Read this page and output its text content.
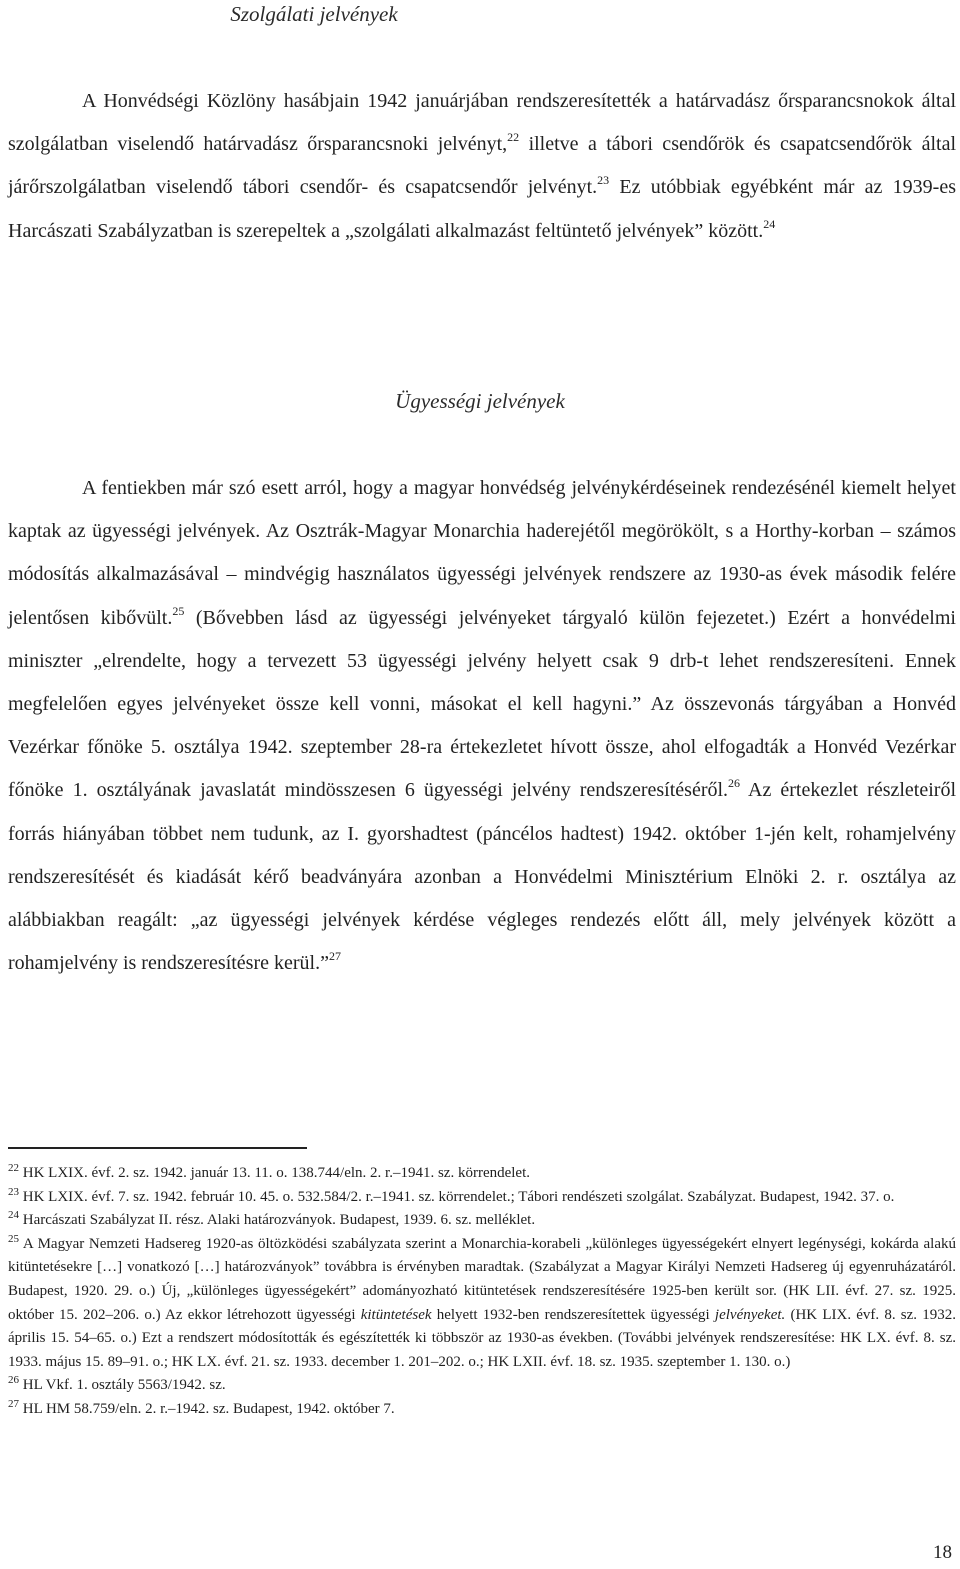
Szolgálati jelvények

A Honvédségi Közlöny hasábjain 1942 januárjában rendszeresítették a határvadász őrsparancsnokok által szolgálatban viselendő határvadász őrsparancsnoki jelvényt,$^{22}$ illetve a tábori csendőrök és csapatcsendőrök által járőrszolgálatban viselendő tábori csendőr- és csapatcsendőr jelvényt.$^{23}$ Ez utóbbiak egyébként már az 1939-es Harcászati Szabályzatban is szerepeltek a „szolgálati alkalmazást feltüntető jelvények” között.$^{24}$

Ügyességi jelvények

A fentiekben már szó esett arról, hogy a magyar honvédség jelvénykérdéseinek rendezésénél kiemelt helyet kaptak az ügyességi jelvények. Az Osztrák-Magyar Monarchia haderejétől megörökölt, s a Horthy-korban – számos módosítás alkalmazásával – mindvégig használatos ügyességi jelvények rendszere az 1930-as évek második felére jelentősen kibővült.$^{25}$ (Bővebben lásd az ügyességi jelvényeket tárgyaló külön fejezetet.) Ezért a honvédelmi miniszter „elrendelte, hogy a tervezett 53 ügyességi jelvény helyett csak 9 drb-t lehet rendszeresíteni. Ennek megfelelően egyes jelvényeket össze kell vonni, másokat el kell hagyni.” Az összevonás tárgyában a Honvéd Vezérkar főnöke 5. osztálya 1942. szeptember 28-ra értekezletet hívott össze, ahol elfogadták a Honvéd Vezérkar főnöke 1. osztályának javaslatát mindösszesen 6 ügyességi jelvény rendszeresítéséről.$^{26}$ Az értekezlet részleteiről forrás hiányában többet nem tudunk, az I. gyorshadtest (páncélos hadtest) 1942. október 1-jén kelt, rohamjelvény rendszeresítését és kiadását kérő beadványára azonban a Honvédelmi Minisztérium Elnöki 2. r. osztálya az alábbiakban reagált: „az ügyességi jelvények kérdése végleges rendezés előtt áll, mely jelvények között a rohamjelvény is rendszeresítésre kerül.”$^{27}$

$^{22}$ HK LXIX. évf. 2. sz. 1942. január 13. 11. o. 138.744/eln. 2. r.–1941. sz. körrendelet.

$^{23}$ HK LXIX. évf. 7. sz. 1942. február 10. 45. o. 532.584/2. r.–1941. sz. körrendelet.; Tábori rendészeti szolgálat. Szabályzat. Budapest, 1942. 37. o.

$^{24}$ Harcászati Szabályzat II. rész. Alaki határozványok. Budapest, 1939. 6. sz. melléklet.

$^{25}$ A Magyar Nemzeti Hadsereg 1920-as öltözködési szabályzata szerint a Monarchia-korabeli „különleges ügyességekért elnyert legénységi, kokárda alakú kitüntetésekre […] vonatkozó […] határozványok” továbbra is érvényben maradtak. (Szabályzat a Magyar Királyi Nemzeti Hadsereg új egyenruházatáról. Budapest, 1920. 29. o.) Új, „különleges ügyességekért” adományozható kitüntetések rendszeresítésére 1925-ben került sor. (HK LII. évf. 27. sz. 1925. október 15. 202–206. o.) Az ekkor létrehozott ügyességi kitüntetések helyett 1932-ben rendszeresítettek ügyességi jelvényeket. (HK LIX. évf. 8. sz. 1932. április 15. 54–65. o.) Ezt a rendszert módosították és egészítették ki többször az 1930-as években. (További jelvények rendszeresítése: HK LX. évf. 8. sz. 1933. május 15. 89–91. o.; HK LX. évf. 21. sz. 1933. december 1. 201–202. o.; HK LXII. évf. 18. sz. 1935. szeptember 1. 130. o.)

$^{26}$ HL Vkf. 1. osztály 5563/1942. sz.

$^{27}$ HL HM 58.759/eln. 2. r.–1942. sz. Budapest, 1942. október 7.

18
